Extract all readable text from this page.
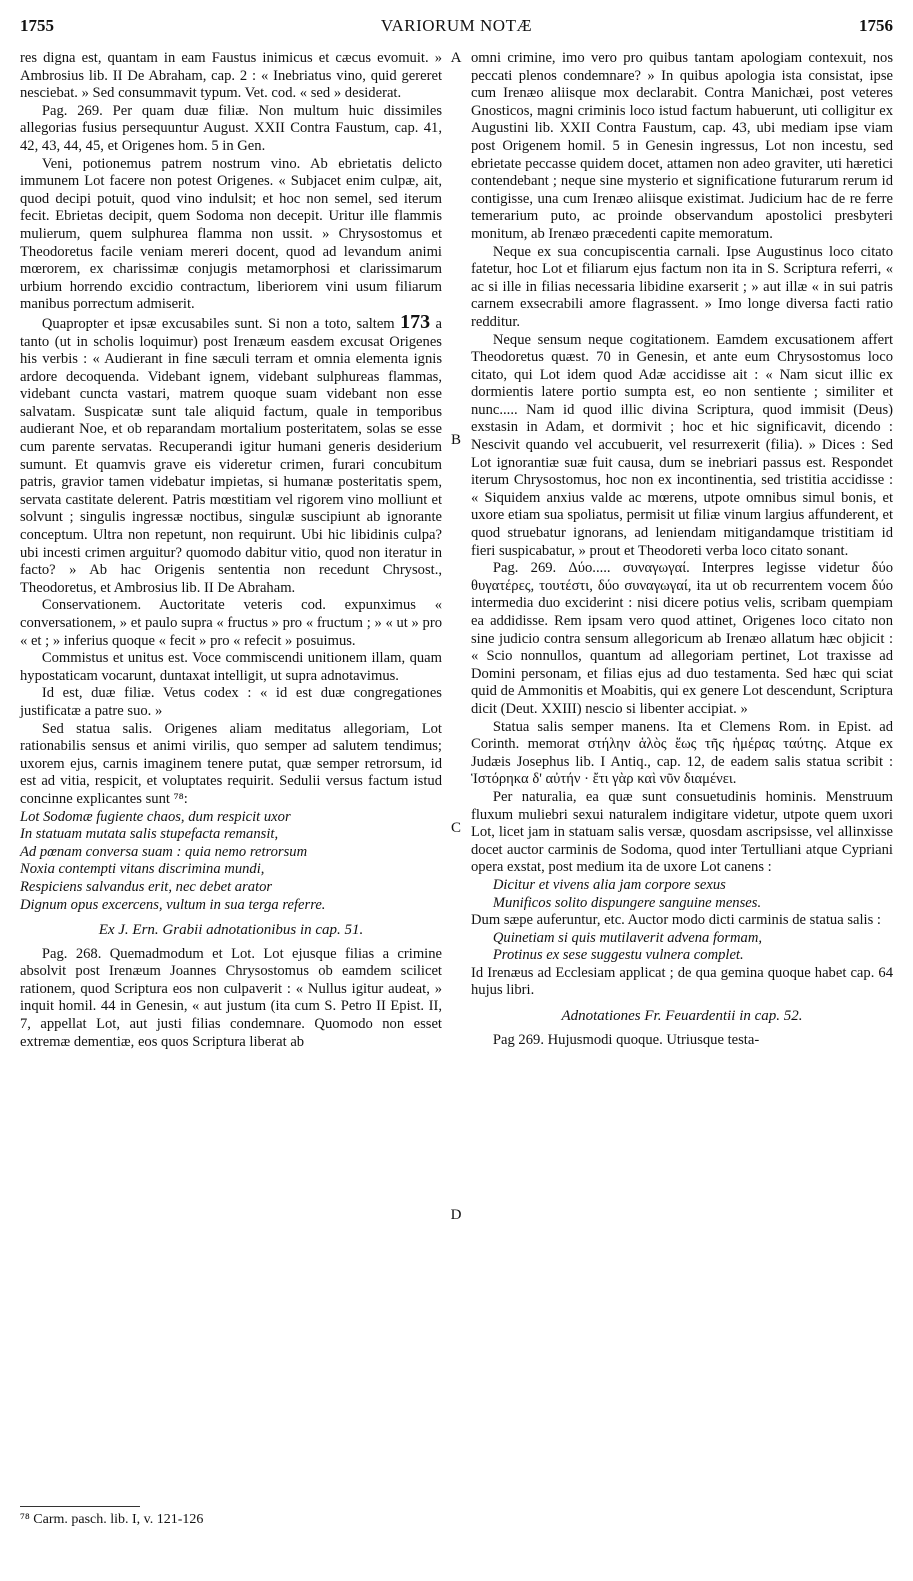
1755	VARIORUM NOTÆ	1756

res digna est, quantam in eam Faustus inimicus et cæcus evomuit. » Ambrosius lib. II De Abraham, cap. 2 : « Inebriatus vino, quid gereret nesciebat. » Sed consummavit typum. Vet. cod. « sed » desiderat.

Pag. 269. Per quam duæ filiæ. Non multum huic dissimiles allegorias fusius persequuntur August. XXII Contra Faustum, cap. 41, 42, 43, 44, 45, et Origenes hom. 5 in Gen.

Veni, potionemus patrem nostrum vino. Ab ebrietatis delicto immunem Lot facere non potest Origenes. « Subjacet enim culpæ, ait, quod decipi potuit, quod vino indulsit; et hoc non semel, sed iterum fecit. Ebrietas decipit, quem Sodoma non decepit. Uritur ille flammis mulierum, quem sulphurea flamma non ussit. » Chrysostomus et Theodoretus facile veniam mereri docent, quod ad levandum animi mœrorem, ex charissimæ conjugis metamorphosi et clarissimarum urbium horrendo excidio contractum, liberiorem vini usum filiarum manibus porrectum admiserit.

Quapropter et ipsæ excusabiles sunt. Si non a toto, saltem 173 a tanto (ut in scholis loquimur) post Irenæum easdem excusat Origenes his verbis : « Audierant in fine sæculi terram et omnia elementa ignis ardore decoquenda. Videbant ignem, videbant sulphureas flammas, videbant cuncta vastari, matrem quoque suam videbant non esse salvatam. Suspicatæ sunt tale aliquid factum, quale in temporibus audierant Noe, et ob reparandam mortalium posteritatem, solas se esse cum parente servatas. Recuperandi igitur humani generis desiderium sumunt. Et quamvis grave eis videretur crimen, furari concubitum patris, gravior tamen videbatur impietas, si humanæ posteritatis spem, servata castitate delerent. Patris mœstitiam vel rigorem vino molliunt et solvunt ; singulis ingressæ noctibus, singulæ suscipiunt ab ignorante conceptum. Ultra non repetunt, non requirunt. Ubi hic libidinis culpa? ubi incesti crimen arguitur? quomodo dabitur vitio, quod non iteratur in facto? » Ab hac Origenis sententia non recedunt Chrysost., Theodoretus, et Ambrosius lib. II De Abraham.

Conservationem. Auctoritate veteris cod. expunximus « conversationem, » et paulo supra « fructus » pro « fructum ; » « ut » pro « et ; » inferius quoque « fecit » pro « refecit » posuimus.

Commistus et unitus est. Voce commiscendi unitionem illam, quam hypostaticam vocarunt, duntaxat intelligit, ut supra adnotavimus.

Id est, duæ filiæ. Vetus codex : « id est duæ congregationes justificatæ a patre suo. »

Sed statua salis. Origenes aliam meditatus allegoriam, Lot rationabilis sensus et animi virilis, quo semper ad salutem tendimus; uxorem ejus, carnis imaginem tenere putat, quæ semper retrorsum, id est ad vitia, respicit, et voluptates requirit. Sedulii versus factum istud concinne explicantes sunt ⁷⁸:

Lot Sodomæ fugiente chaos, dum respicit uxor

In statuam mutata salis stupefacta remansit,

Ad pœnam conversa suam : quia nemo retrorsum

Noxia contempti vitans discrimina mundi,

Respiciens salvandus erit, nec debet arator

Dignum opus excercens, vultum in sua terga referre.

Ex J. Ern. Grabii adnotationibus in cap. 51.

Pag. 268. Quemadmodum et Lot. Lot ejusque filias a crimine absolvit post Irenæum Joannes Chrysostomus ob eamdem scilicet rationem, quod Scriptura eos non culpaverit : « Nullus igitur audeat, » inquit homil. 44 in Genesin, « aut justum (ita cum S. Petro II Epist. II, 7, appellat Lot, aut justi filias condemnare. Quomodo non esset extremæ dementiæ, eos quos Scriptura liberat ab

omni crimine, imo vero pro quibus tantam apologiam contexuit, nos peccati plenos condemnare? » In quibus apologia ista consistat, ipse cum Irenæo aliisque mox declarabit. Contra Manichæi, post veteres Gnosticos, magni criminis loco istud factum habuerunt, uti colligitur ex Augustini lib. XXII Contra Faustum, cap. 43, ubi mediam ipse viam post Origenem homil. 5 in Genesin ingressus, Lot non incestu, sed ebrietate peccasse quidem docet, attamen non adeo graviter, uti hæretici contendebant ; neque sine mysterio et significatione futurarum rerum id contigisse, una cum Irenæo aliisque existimat. Judicium hac de re ferre temerarium puto, ac proinde observandum apostolici presbyteri monitum, ab Irenæo præcedenti capite memoratum.

Neque ex sua concupiscentia carnali. Ipse Augustinus loco citato fatetur, hoc Lot et filiarum ejus factum non ita in S. Scriptura referri, « ac si ille in filias necessaria libidine exarserit ; » aut illæ « in sui patris carnem exsecrabili amore flagrassent. » Imo longe diversa facti ratio redditur.

Neque sensum neque cogitationem. Eamdem excusationem affert Theodoretus quæst. 70 in Genesin, et ante eum Chrysostomus loco citato, qui Lot idem quod Adæ accidisse ait : « Nam sicut illic ex dormientis latere portio sumpta est, eo non sentiente ; similiter et nunc..... Nam id quod illic divina Scriptura, quod immisit (Deus) exstasin in Adam, et dormivit ; hoc et hic significavit, dicendo : Nescivit quando vel accubuerit, vel resurrexerit (filia). » Dices : Sed Lot ignorantiæ suæ fuit causa, dum se inebriari passus est. Respondet iterum Chrysostomus, hoc non ex incontinentia, sed tristitia accidisse : « Siquidem anxius valde ac mœrens, utpote omnibus simul bonis, et uxore etiam sua spoliatus, permisit ut filiæ vinum largius affunderent, et quod struebatur ignorans, ad leniendam mitigandamque tristitiam id fieri suspicabatur, » prout et Theodoreti verba loco citato sonant.

Pag. 269. Δύο..... συναγωγαί. Interpres legisse videtur δύο θυγατέρες, τουτέστι, δύο συναγωγαί, ita ut ob recurrentem vocem δύο intermedia duo exciderint : nisi dicere potius velis, scribam quempiam ea addidisse. Rem ipsam vero quod attinet, Origenes loco citato non sine judicio contra sensum allegoricum ab Irenæo allatum hæc objicit : « Scio nonnullos, quantum ad allegoriam pertinet, Lot traxisse ad Domini personam, et filias ejus ad duo testamenta. Sed hæc qui sciat quid de Ammonitis et Moabitis, qui ex genere Lot descendunt, Scriptura dicit (Deut. XXIII) nescio si libenter accipiat. »

Statua salis semper manens. Ita et Clemens Rom. in Epist. ad Corinth. memorat στήλην ἁλὸς ἕως τῆς ἡμέρας ταύτης. Atque ex Judæis Josephus lib. I Antiq., cap. 12, de eadem salis statua scribit : Ἱστόρηκα δ' αὐτήν · ἔτι γὰρ καὶ νῦν διαμένει.

Per naturalia, ea quæ sunt consuetudinis hominis. Menstruum fluxum muliebri sexui naturalem indigitare videtur, utpote quem uxori Lot, licet jam in statuam salis versæ, quosdam ascripsisse, vel allinxisse docet auctor carminis de Sodoma, quod inter Tertulliani atque Cypriani opera exstat, post medium ita de uxore Lot canens :

Dicitur et vivens alia jam corpore sexus

Munificos solito dispungere sanguine menses.

Dum sæpe auferuntur, etc. Auctor modo dicti carminis de statua salis :

Quinetiam si quis mutilaverit advena formam,

Protinus ex sese suggestu vulnera complet.

Id Irenæus ad Ecclesiam applicat ; de qua gemina quoque habet cap. 64 hujus libri.

Adnotationes Fr. Feuardentii in cap. 52.

Pag 269. Hujusmodi quoque. Utriusque testa-

A
B
C
D
⁷⁸ Carm. pasch. lib. I, v. 121-126
